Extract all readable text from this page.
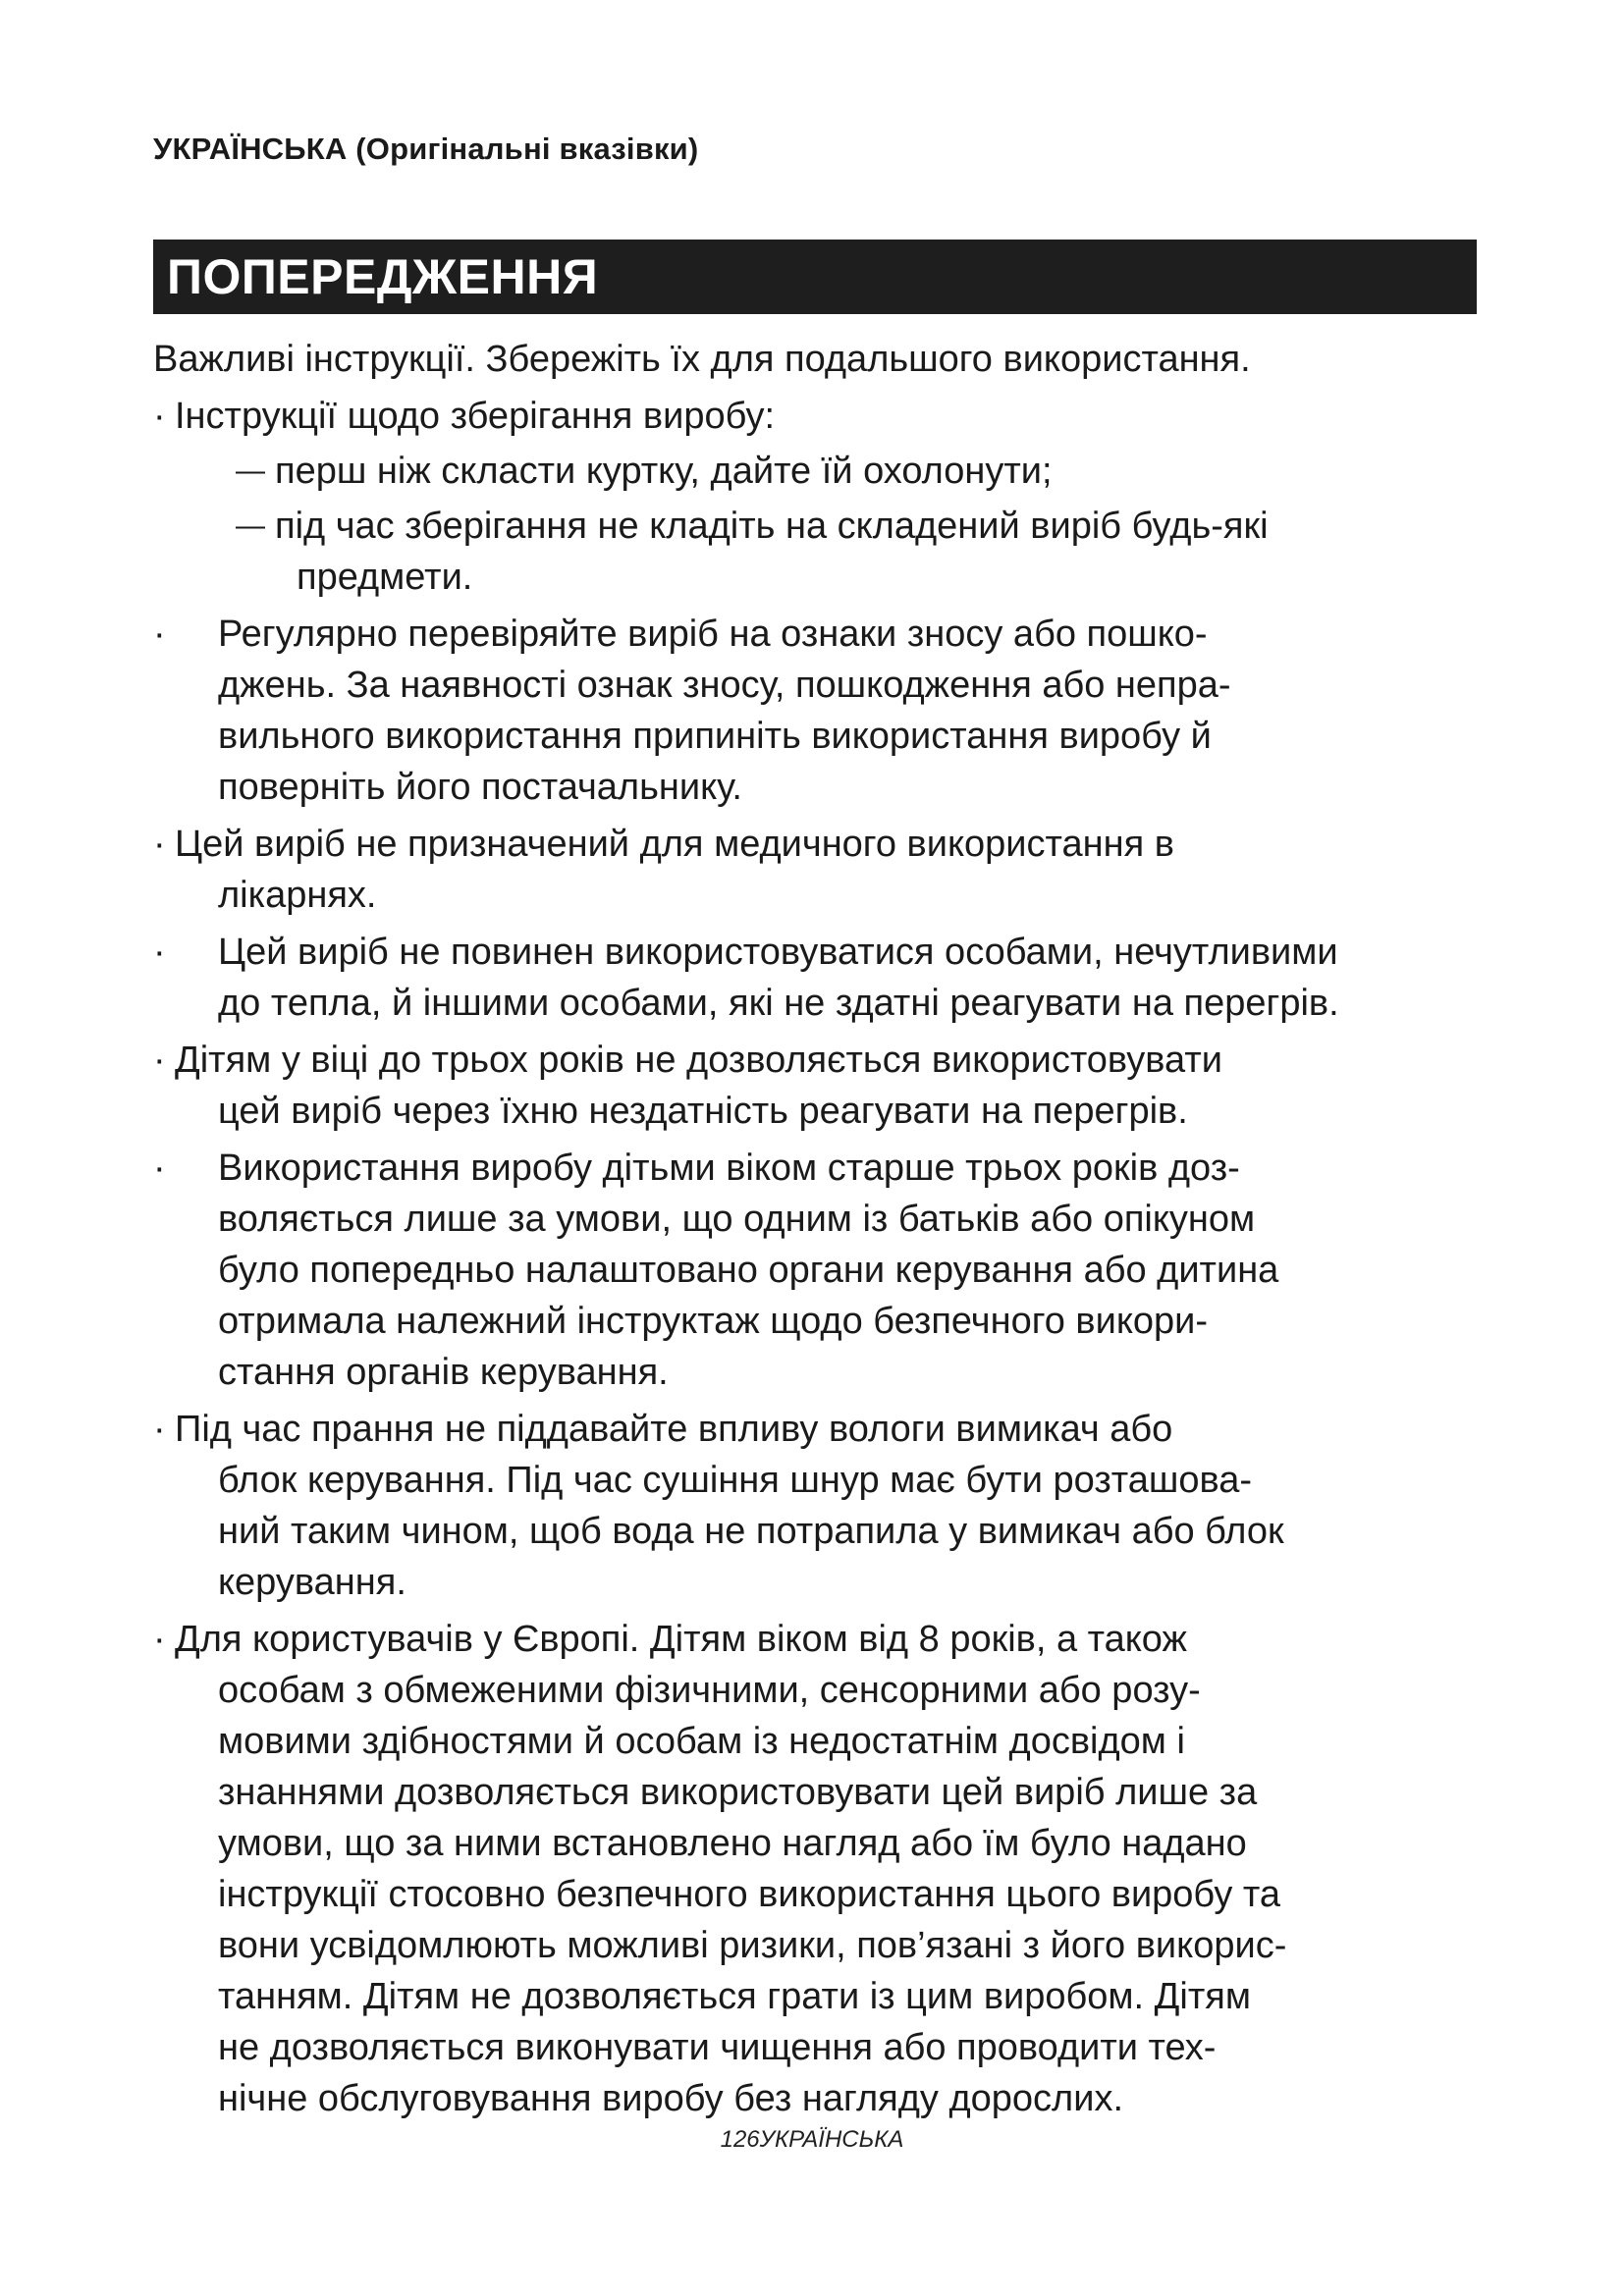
УКРАЇНСЬКА (Оригінальні вказівки)
ПОПЕРЕДЖЕННЯ
Важливі інструкції. Збережіть їх для подальшого використання.
· Інструкції щодо зберігання виробу:
— перш ніж скласти куртку, дайте їй охолонути;
— під час зберігання не кладіть на складений виріб будь-які
предмети.
· Регулярно перевіряйте виріб на ознаки зносу або пошко-
джень. За наявності ознак зносу, пошкодження або непра-
вильного використання припиніть використання виробу й
поверніть його постачальнику.
· Цей виріб не призначений для медичного використання в
лікарнях.
· Цей виріб не повинен використовуватися особами, нечутливими
до тепла, й іншими особами, які не здатні реагувати на перегрів.
· Дітям у віці до трьох років не дозволяється використовувати
цей виріб через їхню нездатність реагувати на перегрів.
· Використання виробу дітьми віком старше трьох років доз-
воляється лише за умови, що одним із батьків або опікуном
було попередньо налаштовано органи керування або дитина
отримала належний інструктаж щодо безпечного викори-
стання органів керування.
· Під час прання не піддавайте впливу вологи вимикач або
блок керування. Під час сушіння шнур має бути розташова-
ний таким чином, щоб вода не потрапила у вимикач або блок
керування.
· Для користувачів у Європі. Дітям віком від 8 років, а також
особам з обмеженими фізичними, сенсорними або розу-
мовими здібностями й особам із недостатнім досвідом і
знаннями дозволяється використовувати цей виріб лише за
умови, що за ними встановлено нагляд або їм було надано
інструкції стосовно безпечного використання цього виробу та
вони усвідомлюють можливі ризики, пов’язані з його викорис-
танням. Дітям не дозволяється грати із цим виробом. Дітям
не дозволяється виконувати чищення або проводити тех-
нічне обслуговування виробу без нагляду дорослих.
126УКРАЇНСЬКА
